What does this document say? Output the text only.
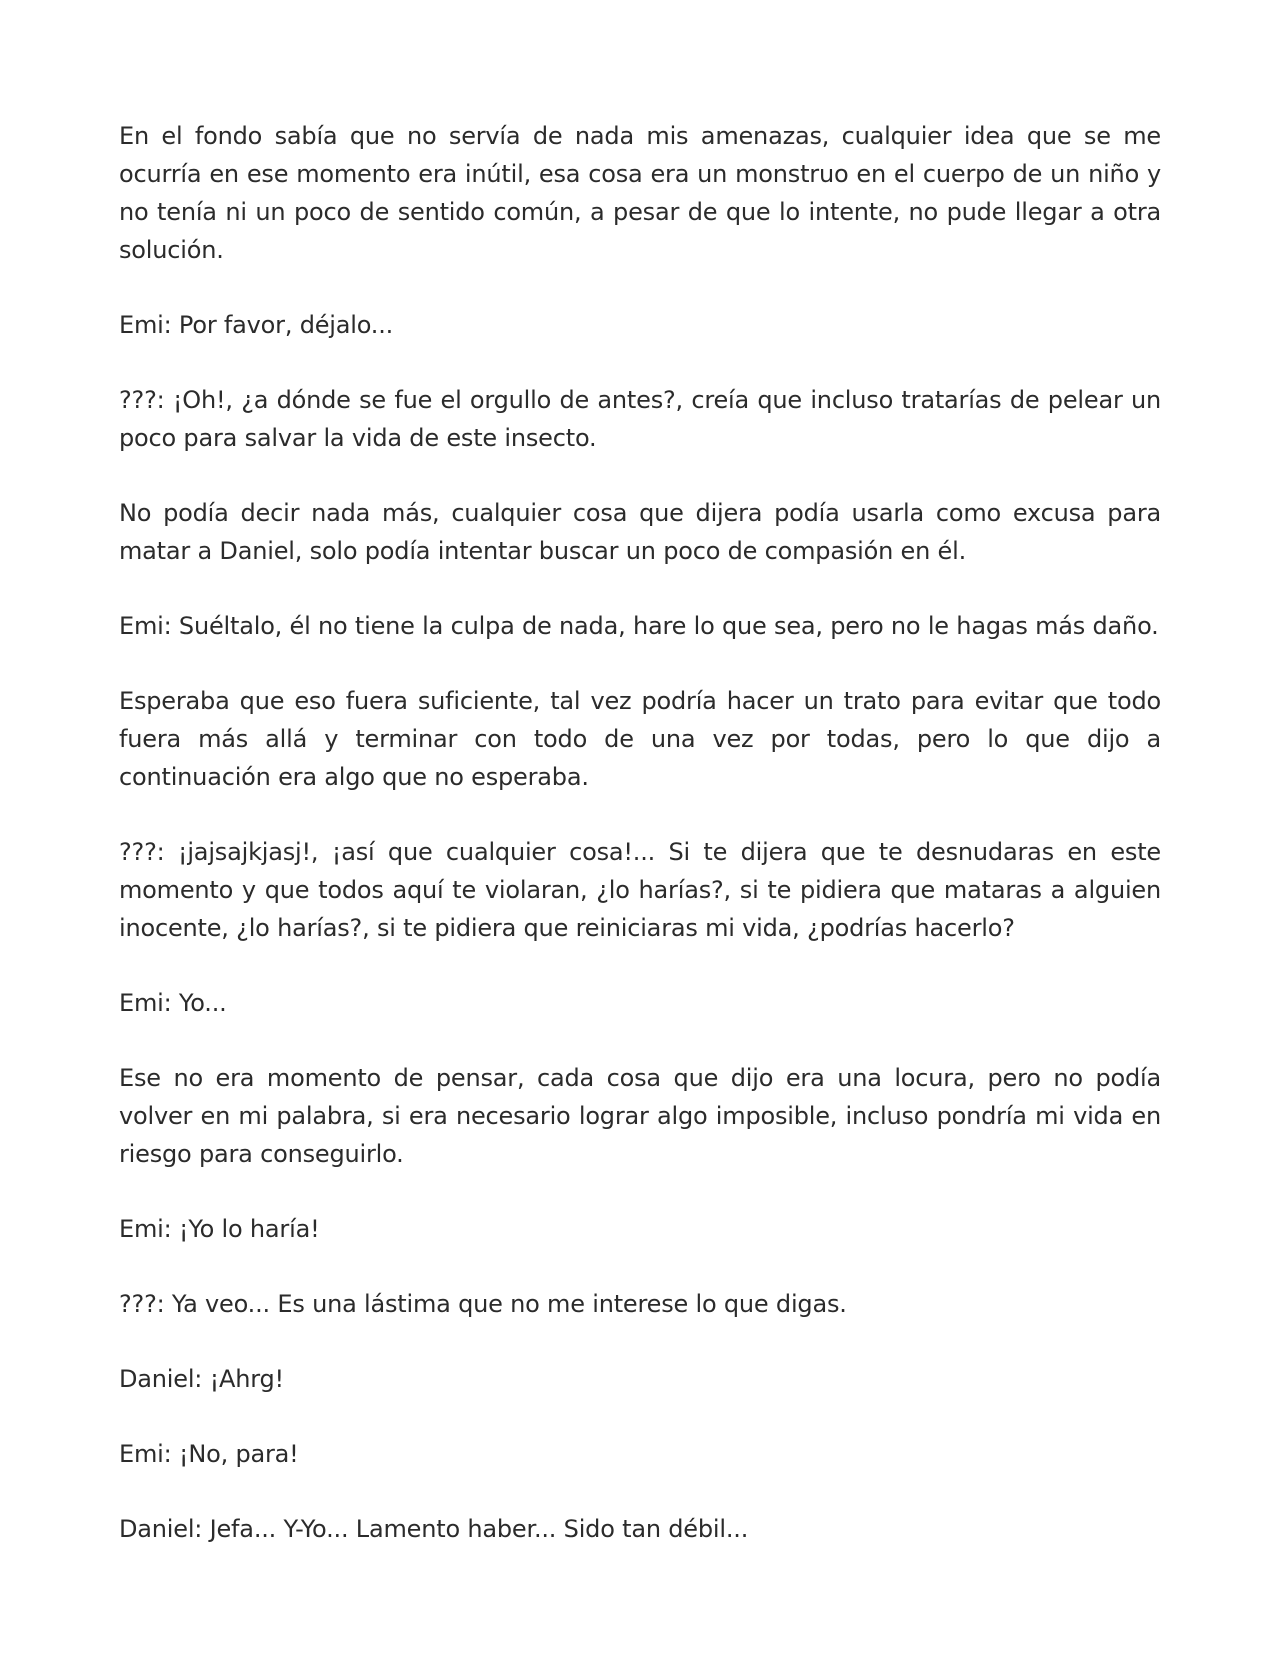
En el fondo sabía que no servía de nada mis amenazas, cualquier idea que se me ocurría en ese momento era inútil, esa cosa era un monstruo en el cuerpo de un niño y no tenía ni un poco de sentido común, a pesar de que lo intente, no pude llegar a otra solución.

Emi: Por favor, déjalo...

???: ¡Oh!, ¿a dónde se fue el orgullo de antes?, creía que incluso tratarías de pelear un poco para salvar la vida de este insecto.

No podía decir nada más, cualquier cosa que dijera podía usarla como excusa para matar a Daniel, solo podía intentar buscar un poco de compasión en él.

Emi: Suéltalo, él no tiene la culpa de nada, hare lo que sea, pero no le hagas más daño.

Esperaba que eso fuera suficiente, tal vez podría hacer un trato para evitar que todo fuera más allá y terminar con todo de una vez por todas, pero lo que dijo a continuación era algo que no esperaba.

???: ¡jajsajkjasj!, ¡así que cualquier cosa!... Si te dijera que te desnudaras en este momento y que todos aquí te violaran, ¿lo harías?, si te pidiera que mataras a alguien inocente, ¿lo harías?, si te pidiera que reiniciaras mi vida, ¿podrías hacerlo?

Emi: Yo...

Ese no era momento de pensar, cada cosa que dijo era una locura, pero no podía volver en mi palabra, si era necesario lograr algo imposible, incluso pondría mi vida en riesgo para conseguirlo.

Emi: ¡Yo lo haría!

???: Ya veo... Es una lástima que no me interese lo que digas.

Daniel: ¡Ahrg!

Emi: ¡No, para!

Daniel: Jefa... Y-Yo... Lamento haber... Sido tan débil...
